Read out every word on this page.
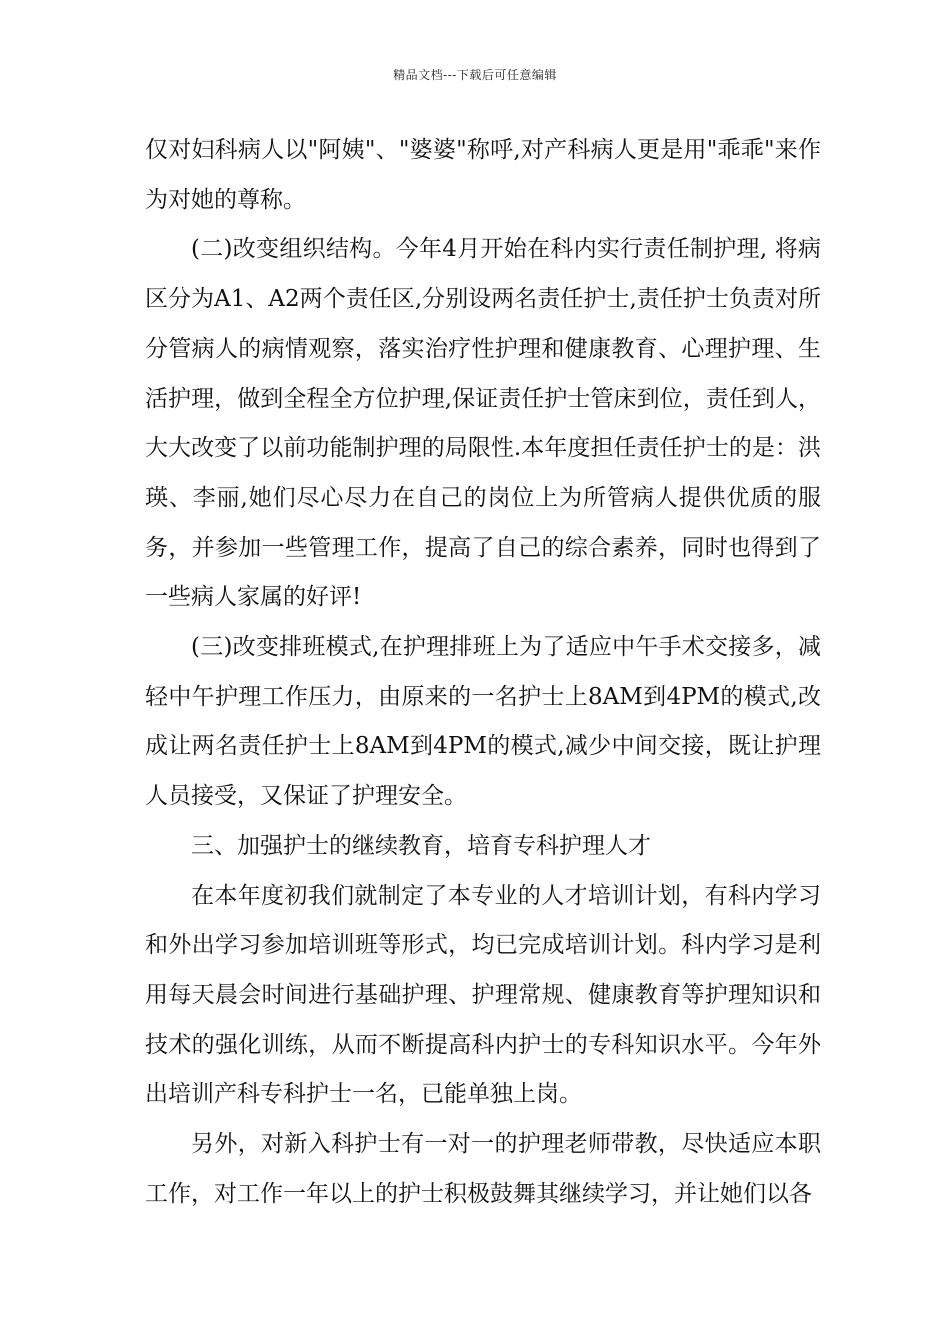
精品文档---下载后可任意编辑

仅对妇科病人以"阿姨"、"婆婆"称呼,对产科病人更是用"乖乖"来作为对她的尊称。

(二)改变组织结构。今年4月开始在科内实行责任制护理, 将病区分为A1、A2两个责任区,分别设两名责任护士,责任护士负责对所分管病人的病情观察，落实治疗性护理和健康教育、心理护理、生活护理，做到全程全方位护理,保证责任护士管床到位，责任到人，大大改变了以前功能制护理的局限性.本年度担任责任护士的是：洪瑛、李丽,她们尽心尽力在自己的岗位上为所管病人提供优质的服务，并参加一些管理工作，提高了自己的综合素养，同时也得到了一些病人家属的好评!

(三)改变排班模式,在护理排班上为了适应中午手术交接多，减轻中午护理工作压力，由原来的一名护士上8AM到4PM的模式,改成让两名责任护士上8AM到4PM的模式,减少中间交接，既让护理人员接受，又保证了护理安全。

三、加强护士的继续教育，培育专科护理人才

在本年度初我们就制定了本专业的人才培训计划，有科内学习和外出学习参加培训班等形式，均已完成培训计划。科内学习是利用每天晨会时间进行基础护理、护理常规、健康教育等护理知识和技术的强化训练，从而不断提高科内护士的专科知识水平。今年外出培训产科专科护士一名，已能单独上岗。

另外，对新入科护士有一对一的护理老师带教，尽快适应本职工作，对工作一年以上的护士积极鼓舞其继续学习，并让她们以各
